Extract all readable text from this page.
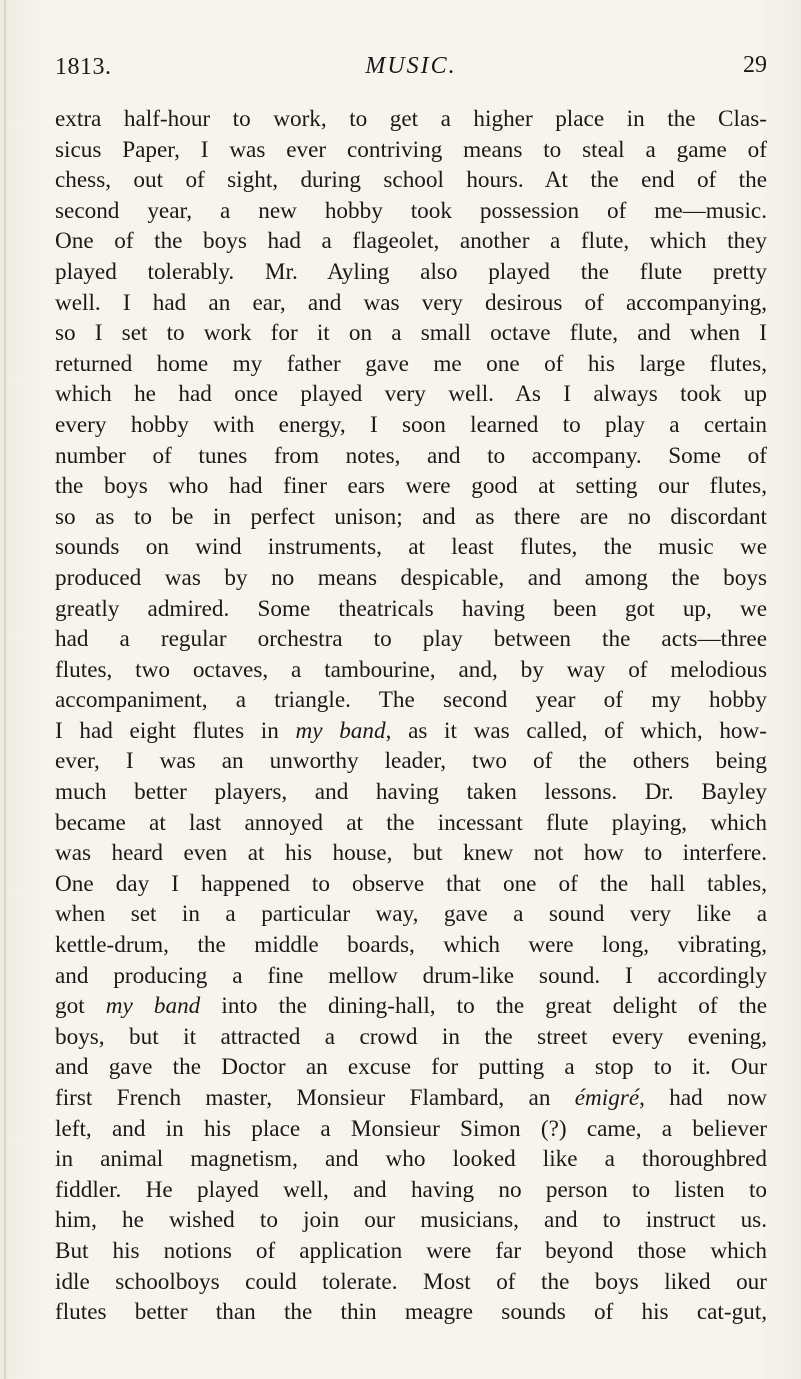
1813.	MUSIC.	29
extra half-hour to work, to get a higher place in the Clas-
sicus Paper, I was ever contriving means to steal a game of
chess, out of sight, during school hours. At the end of the
second year, a new hobby took possession of me—music.
One of the boys had a flageolet, another a flute, which they
played tolerably. Mr. Ayling also played the flute pretty
well. I had an ear, and was very desirous of accompanying,
so I set to work for it on a small octave flute, and when I
returned home my father gave me one of his large flutes,
which he had once played very well. As I always took up
every hobby with energy, I soon learned to play a certain
number of tunes from notes, and to accompany. Some of
the boys who had finer ears were good at setting our flutes,
so as to be in perfect unison; and as there are no discordant
sounds on wind instruments, at least flutes, the music we
produced was by no means despicable, and among the boys
greatly admired. Some theatricals having been got up, we
had a regular orchestra to play between the acts—three
flutes, two octaves, a tambourine, and, by way of melodious
accompaniment, a triangle. The second year of my hobby
I had eight flutes in my band, as it was called, of which, how-
ever, I was an unworthy leader, two of the others being
much better players, and having taken lessons. Dr. Bayley
became at last annoyed at the incessant flute playing, which
was heard even at his house, but knew not how to interfere.
One day I happened to observe that one of the hall tables,
when set in a particular way, gave a sound very like a
kettle-drum, the middle boards, which were long, vibrating,
and producing a fine mellow drum-like sound. I accordingly
got my band into the dining-hall, to the great delight of the
boys, but it attracted a crowd in the street every evening,
and gave the Doctor an excuse for putting a stop to it. Our
first French master, Monsieur Flambard, an émigré, had now
left, and in his place a Monsieur Simon (?) came, a believer
in animal magnetism, and who looked like a thoroughbred
fiddler. He played well, and having no person to listen to
him, he wished to join our musicians, and to instruct us.
But his notions of application were far beyond those which
idle schoolboys could tolerate. Most of the boys liked our
flutes better than the thin meagre sounds of his cat-gut,
